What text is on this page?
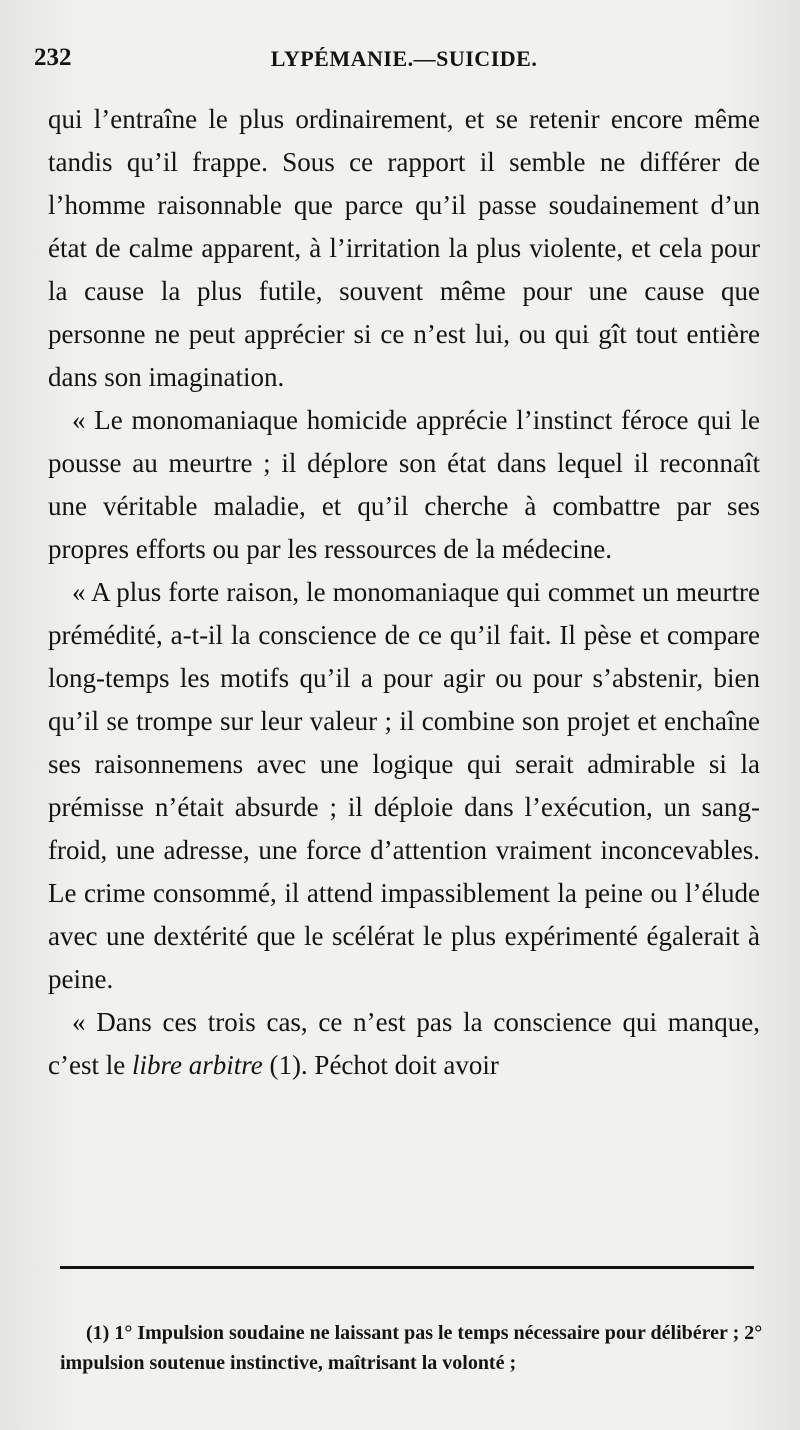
232	LYPÉMANIE.—SUICIDE.

qui l’entraîne le plus ordinairement, et se retenir encore même tandis qu’il frappe. Sous ce rapport il semble ne différer de l’homme raisonnable que parce qu’il passe soudainement d’un état de calme apparent, à l’irritation la plus violente, et cela pour la cause la plus futile, souvent même pour une cause que personne ne peut apprécier si ce n’est lui, ou qui gît tout entière dans son imagination.

« Le monomaniaque homicide apprécie l’instinct féroce qui le pousse au meurtre ; il déplore son état dans lequel il reconnaît une véritable maladie, et qu’il cherche à combattre par ses propres efforts ou par les ressources de la médecine.

« A plus forte raison, le monomaniaque qui commet un meurtre prémédité, a-t-il la conscience de ce qu’il fait. Il pèse et compare long-temps les motifs qu’il a pour agir ou pour s’abstenir, bien qu’il se trompe sur leur valeur ; il combine son projet et enchaîne ses raisonnemens avec une logique qui serait admirable si la prémisse n’était absurde ; il déploie dans l’exécution, un sang-froid, une adresse, une force d’attention vraiment inconcevables. Le crime consommé, il attend impassiblement la peine ou l’élude avec une dextérité que le scélérat le plus expérimenté égalerait à peine.

« Dans ces trois cas, ce n’est pas la conscience qui manque, c’est le libre arbitre (1). Péchot doit avoir

(1) 1° Impulsion soudaine ne laissant pas le temps nécessaire pour délibérer ; 2° impulsion soutenue instinctive, maîtrisant la volonté ;
